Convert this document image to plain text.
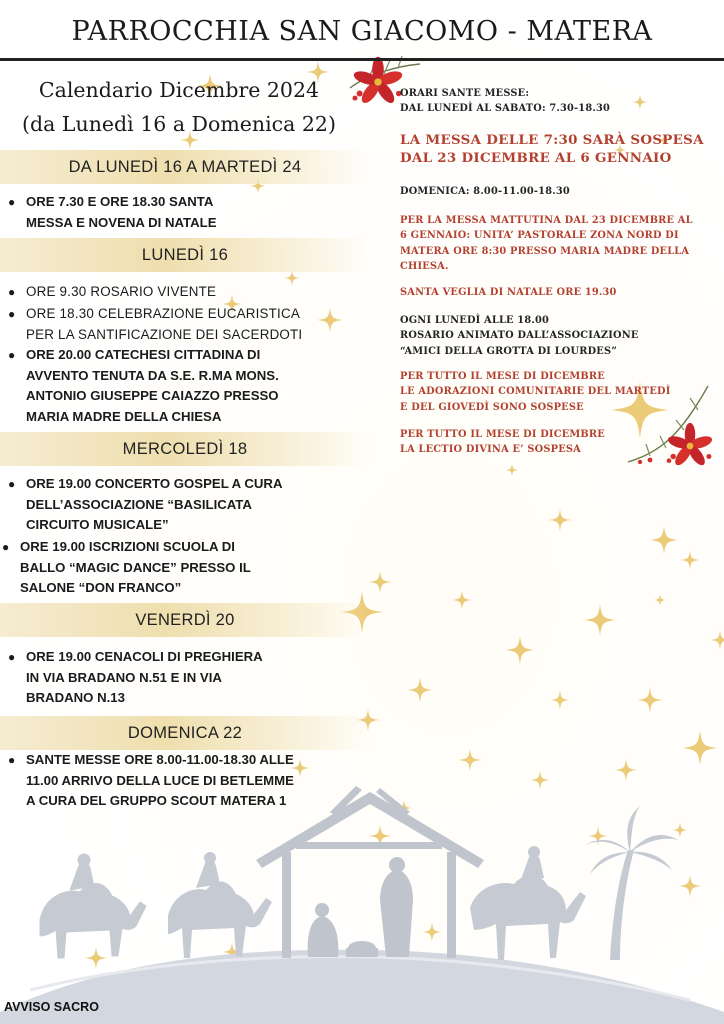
PARROCCHIA SAN GIACOMO - MATERA
Calendario Dicembre 2024
(da Lunedì 16 a Domenica 22)
DA LUNEDÌ 16 A MARTEDÌ 24
● ORE 7.30 E ORE 18.30 SANTA
MESSA E NOVENA DI NATALE
LUNEDÌ 16
● ORE 9.30 ROSARIO VIVENTE
● ORE 18.30 CELEBRAZIONE EUCARISTICA
PER LA SANTIFICAZIONE DEI SACERDOTI
● ORE 20.00 CATECHESI CITTADINA DI
AVVENTO TENUTA DA S.E. R.MA MONS.
ANTONIO GIUSEPPE CAIAZZO PRESSO
MARIA MADRE DELLA CHIESA
MERCOLEDÌ 18
● ORE 19.00 CONCERTO GOSPEL A CURA
DELL’ASSOCIAZIONE “BASILICATA
CIRCUITO MUSICALE”
● ORE 19.00 ISCRIZIONI SCUOLA DI
BALLO “MAGIC DANCE” PRESSO IL
SALONE “DON FRANCO”
VENERDÌ 20
● ORE 19.00 CENACOLI DI PREGHIERA
IN VIA BRADANO N.51 E IN VIA
BRADANO N.13
DOMENICA 22
● SANTE MESSE ORE 8.00-11.00-18.30 ALLE
11.00 ARRIVO DELLA LUCE DI BETLEMME
A CURA DEL GRUPPO SCOUT MATERA 1
ORARI SANTE MESSE:
DAL LUNEDÌ AL SABATO: 7.30-18.30
LA MESSA DELLE 7:30 SARÀ SOSPESA
DAL 23 DICEMBRE AL 6 GENNAIO
DOMENICA: 8.00-11.00-18.30
PER LA MESSA MATTUTINA DAL 23 DICEMBRE AL
6 GENNAIO: UNITA’ PASTORALE ZONA NORD DI
MATERA ORE 8:30 PRESSO MARIA MADRE DELLA
CHIESA.
SANTA VEGLIA DI NATALE ORE 19.30
OGNI LUNEDÌ ALLE 18.00
ROSARIO ANIMATO DALL’ASSOCIAZIONE
“AMICI DELLA GROTTA DI LOURDES”
PER TUTTO IL MESE DI DICEMBRE
LE ADORAZIONI COMUNITARIE DEL MARTEDÌ
E DEL GIOVEDÌ SONO SOSPESE
PER TUTTO IL MESE DI DICEMBRE
LA LECTIO DIVINA E’ SOSPESA
AVVISO SACRO
